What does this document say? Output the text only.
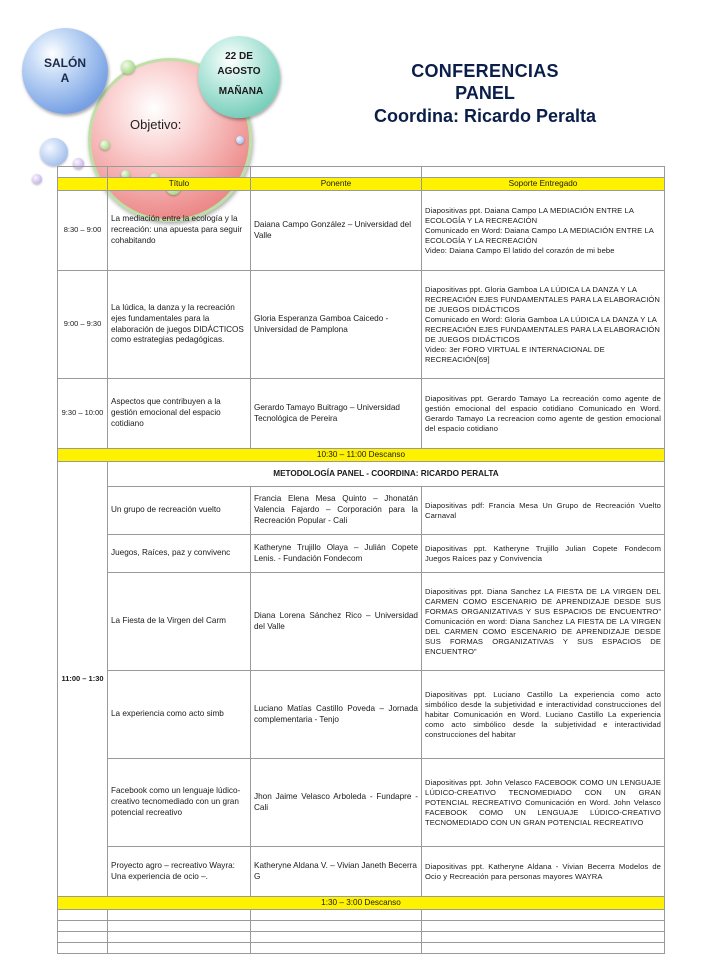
Objetivo:
SALÓN
A
22 DE
AGOSTO
MAÑANA
CONFERENCIAS
PANEL
Coordina: Ricardo Peralta

	Título	Ponente	Soporte Entregado
8:30 – 9:00	La mediación entre la ecología y la recreación: una apuesta para seguir cohabitando	Daiana Campo González – Universidad del Valle	Diapositivas ppt. Daiana Campo LA MEDIACIÓN ENTRE LA ECOLOGÍA Y LA RECREACIÓN
Comunicado en Word: Daiana Campo LA MEDIACIÓN ENTRE LA ECOLOGÍA Y LA RECREACIÓN
Video: Daiana Campo El latido del corazón de mi bebe

9:00 – 9:30	La lúdica, la danza y la recreación ejes fundamentales para la elaboración de juegos DIDÁCTICOS como estrategias pedagógicas.	Gloria Esperanza Gamboa Caicedo - Universidad de Pamplona	Diapositivas ppt. Gloria Gamboa LA LÚDICA LA DANZA Y LA RECREACIÓN EJES FUNDAMENTALES PARA LA ELABORACIÓN DE JUEGOS DIDÁCTICOS
Comunicado en Word: Gloria Gamboa LA LÚDICA LA DANZA Y LA RECREACIÓN EJES FUNDAMENTALES PARA LA ELABORACIÓN DE JUEGOS DIDÁCTICOS
Video: 3er FORO VIRTUAL E INTERNACIONAL DE RECREACIÓN[69]

9:30 – 10:00	Aspectos que contribuyen a la gestión emocional del espacio cotidiano	Gerardo Tamayo Buitrago – Universidad Tecnológica de Pereira	Diapositivas ppt. Gerardo Tamayo La recreación como agente de gestión emocional del espacio cotidiano Comunicado en Word. Gerardo Tamayo La recreacion como agente de gestion emocional del espacio cotidiano
10:30 – 11:00 Descanso			
11:00 – 1:30	METODOLOGÍA PANEL - COORDINA: RICARDO PERALTA		
	Un grupo de recreación vuelto	Francia Elena Mesa Quinto – Jhonatán Valencia Fajardo – Corporación para la Recreación Popular - Cali	Diapositivas pdf: Francia Mesa Un Grupo de Recreación Vuelto Carnaval
	Juegos, Raíces, paz y convivenc	Katheryne Trujillo Olaya – Julián Copete Lenis. - Fundación Fondecom	Diapositivas ppt. Katheryne Trujillo Julian Copete Fondecom Juegos Raíces paz y Convivencia
	La Fiesta de la Virgen del Carm	Diana Lorena Sánchez Rico – Universidad del Valle	Diapositivas ppt. Diana Sanchez LA FIESTA DE LA VIRGEN DEL CARMEN COMO ESCENARIO DE APRENDIZAJE DESDE SUS FORMAS ORGANIZATIVAS Y SUS ESPACIOS DE ENCUENTRO” Comunicación en word: Diana Sanchez LA FIESTA DE LA VIRGEN DEL CARMEN COMO ESCENARIO DE APRENDIZAJE DESDE SUS FORMAS ORGANIZATIVAS Y SUS ESPACIOS DE ENCUENTRO”
	La experiencia como acto simb	Luciano Matías Castillo Poveda – Jornada complementaria - Tenjo	Diapositivas ppt. Luciano Castillo La experiencia como acto simbólico desde la subjetividad e interactividad construcciones del habitar Comunicación en Word. Luciano Castillo La experiencia como acto simbólico desde la subjetividad e interactividad construcciones del habitar
	Facebook como un lenguaje lúdico-creativo tecnomediado con un gran potencial recreativo	Jhon Jaime Velasco Arboleda - Fundapre - Cali	Diapositivas ppt. John Velasco FACEBOOK COMO UN LENGUAJE LÚDICO-CREATIVO TECNOMEDIADO CON UN GRAN POTENCIAL RECREATIVO Comunicación en Word. John Velasco FACEBOOK COMO UN LENGUAJE LÚDICO-CREATIVO TECNOMEDIADO CON UN GRAN POTENCIAL RECREATIVO
	Proyecto agro – recreativo Wayra: Una experiencia de ocio –.	Katheryne Aldana V. – Vivian Janeth Becerra G	Diapositivas ppt. Katheryne Aldana - Vivian Becerra Modelos de Ocio y Recreación para personas mayores WAYRA
1:30 – 3:00 Descanso			
